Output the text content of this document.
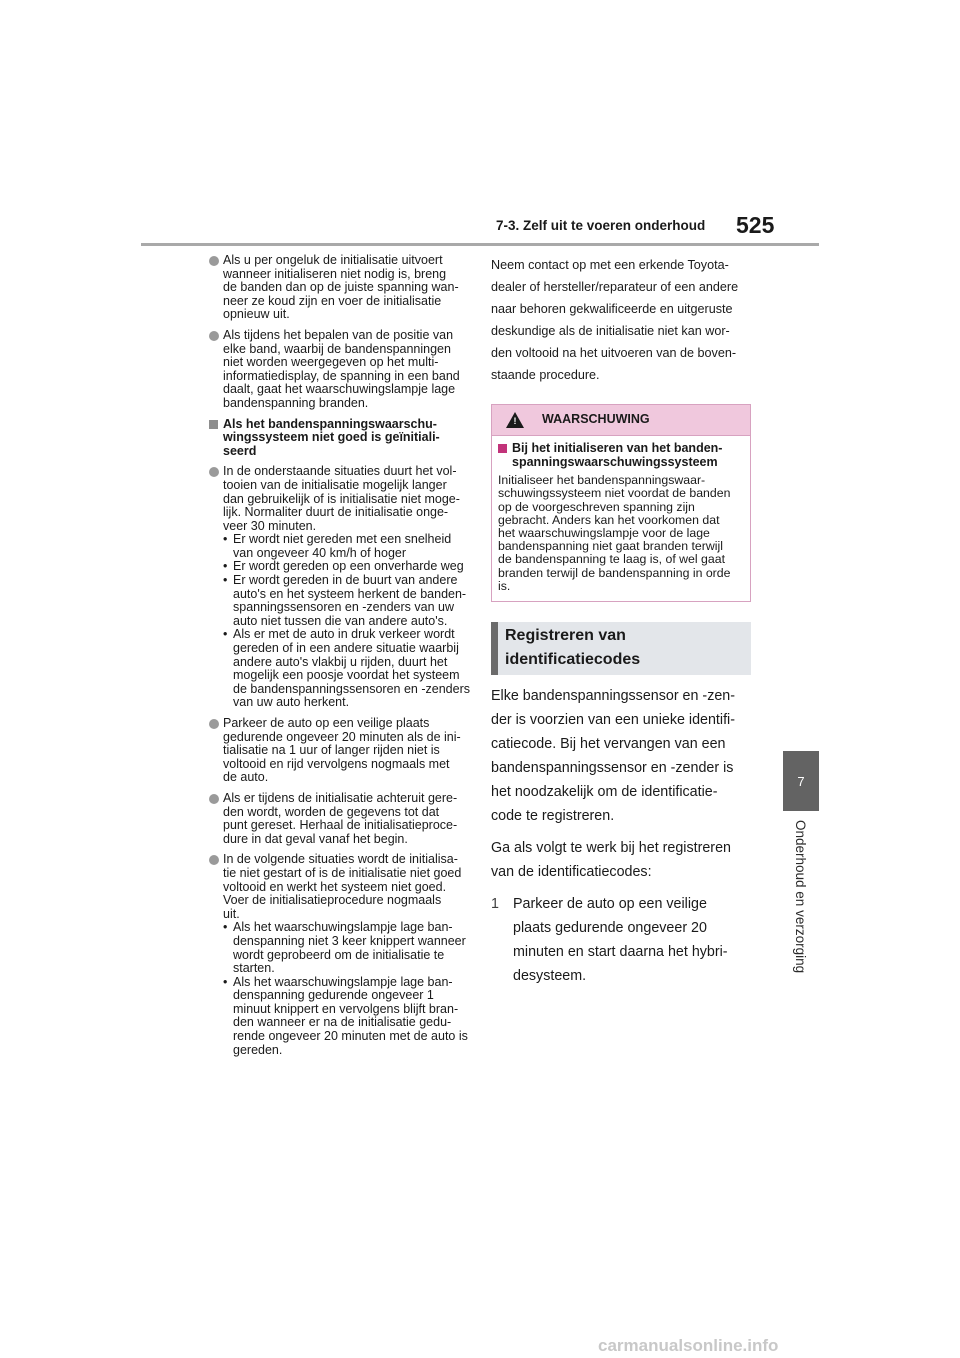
7-3. Zelf uit te voeren onderhoud 525
7
Onderhoud en verzorging
Als u per ongeluk de initialisatie uitvoert
wanneer initialiseren niet nodig is, breng
de banden dan op de juiste spanning wan-
neer ze koud zijn en voer de initialisatie
opnieuw uit.
Als tijdens het bepalen van de positie van
elke band, waarbij de bandenspanningen
niet worden weergegeven op het multi-
informatiedisplay, de spanning in een band
daalt, gaat het waarschuwingslampje lage
bandenspanning branden.
Als het bandenspanningswaarschu-
wingssysteem niet goed is geïnitiali-
seerd
In de onderstaande situaties duurt het vol-
tooien van de initialisatie mogelijk langer
dan gebruikelijk of is initialisatie niet moge-
lijk. Normaliter duurt de initialisatie onge-
veer 30 minuten.
• Er wordt niet gereden met een snelheid
van ongeveer 40 km/h of hoger
• Er wordt gereden op een onverharde weg
• Er wordt gereden in de buurt van andere
auto's en het systeem herkent de banden-
spanningssensoren en -zenders van uw
auto niet tussen die van andere auto's.
• Als er met de auto in druk verkeer wordt
gereden of in een andere situatie waarbij
andere auto's vlakbij u rijden, duurt het
mogelijk een poosje voordat het systeem
de bandenspanningssensoren en -zenders
van uw auto herkent.
Parkeer de auto op een veilige plaats
gedurende ongeveer 20 minuten als de ini-
tialisatie na 1 uur of langer rijden niet is
voltooid en rijd vervolgens nogmaals met
de auto.
Als er tijdens de initialisatie achteruit gere-
den wordt, worden de gegevens tot dat
punt gereset. Herhaal de initialisatieproce-
dure in dat geval vanaf het begin.
In de volgende situaties wordt de initialisa-
tie niet gestart of is de initialisatie niet goed
voltooid en werkt het systeem niet goed.
Voer de initialisatieprocedure nogmaals
uit.
• Als het waarschuwingslampje lage ban-
denspanning niet 3 keer knippert wanneer
wordt geprobeerd om de initialisatie te
starten.
• Als het waarschuwingslampje lage ban-
denspanning gedurende ongeveer 1
minuut knippert en vervolgens blijft bran-
den wanneer er na de initialisatie gedu-
rende ongeveer 20 minuten met de auto is
gereden.
Neem contact op met een erkende Toyota-
dealer of hersteller/reparateur of een andere
naar behoren gekwalificeerde en uitgeruste
deskundige als de initialisatie niet kan wor-
den voltooid na het uitvoeren van de boven-
staande procedure.
! WAARSCHUWING
Bij het initialiseren van het banden-
spanningswaarschuwingssysteem
Initialiseer het bandenspanningswaar-
schuwingssysteem niet voordat de banden
op de voorgeschreven spanning zijn
gebracht. Anders kan het voorkomen dat
het waarschuwingslampje voor de lage
bandenspanning niet gaat branden terwijl
de bandenspanning te laag is, of wel gaat
branden terwijl de bandenspanning in orde
is.
Registreren van
identificatiecodes
Elke bandenspanningssensor en -zen-
der is voorzien van een unieke identifi-
catiecode. Bij het vervangen van een
bandenspanningssensor en -zender is
het noodzakelijk om de identificatie-
code te registreren.
Ga als volgt te werk bij het registreren
van de identificatiecodes:
1 Parkeer de auto op een veilige
plaats gedurende ongeveer 20
minuten en start daarna het hybri-
desysteem.
carmanualsonline.info
